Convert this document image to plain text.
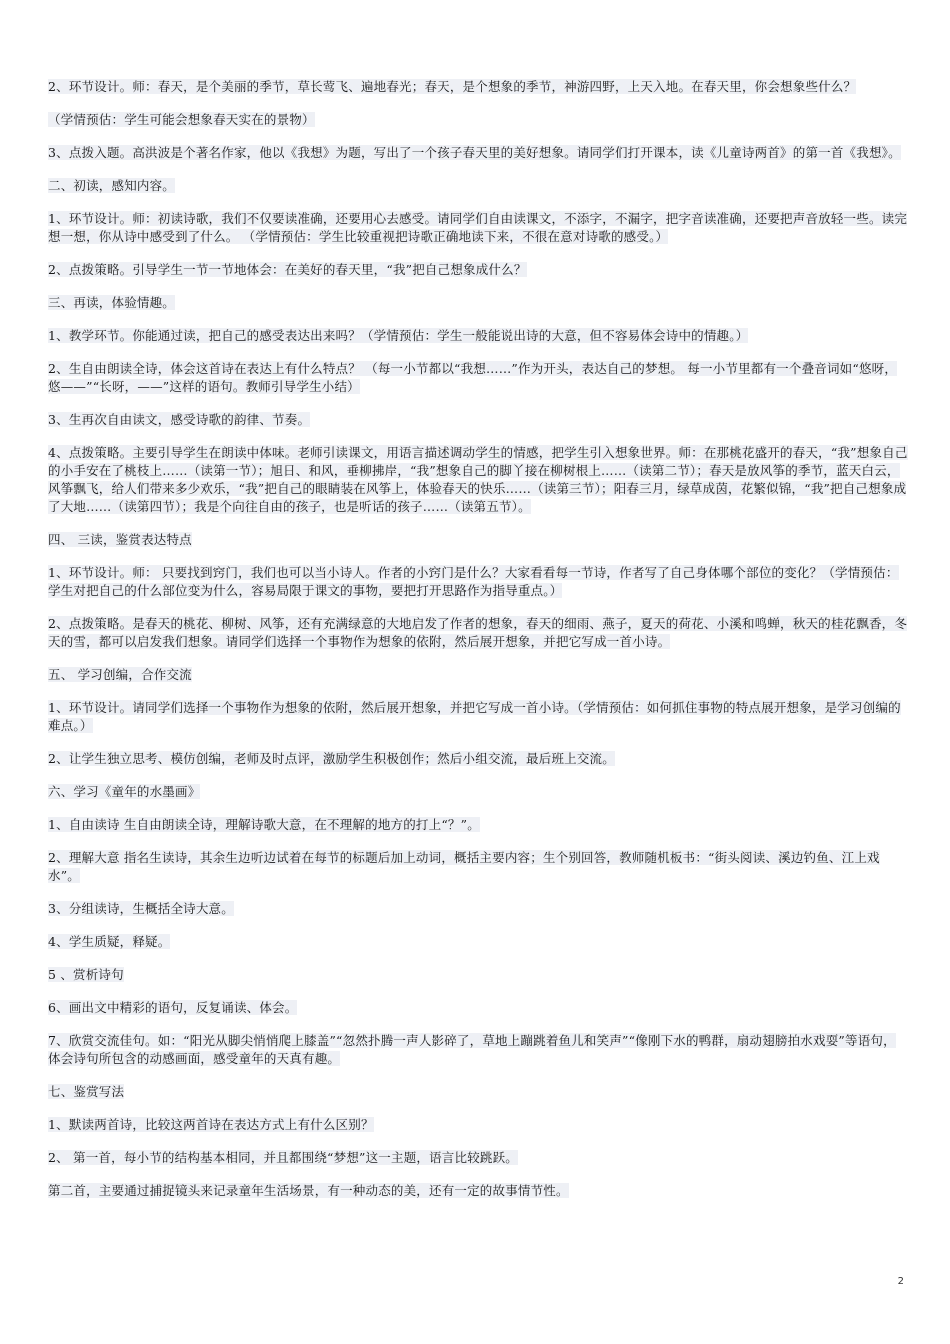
2、环节设计。师：春天，是个美丽的季节，草长莺飞、遍地春光；春天，是个想象的季节，神游四野，上天入地。在春天里，你会想象些什么？

（学情预估：学生可能会想象春天实在的景物）

3、点拨入题。高洪波是个著名作家，他以《我想》为题，写出了一个孩子春天里的美好想象。请同学们打开课本，读《儿童诗两首》的第一首《我想》。

二、初读，感知内容。

1、环节设计。师：初读诗歌，我们不仅要读准确，还要用心去感受。请同学们自由读课文，不添字，不漏字，把字音读准确，还要把声音放轻一些。读完想一想，你从诗中感受到了什么。 （学情预估：学生比较重视把诗歌正确地读下来，不很在意对诗歌的感受。）

2、点拨策略。引导学生一节一节地体会：在美好的春天里，“我”把自己想象成什么？

三、再读，体验情趣。

1、教学环节。你能通过读，把自己的感受表达出来吗？（学情预估：学生一般能说出诗的大意，但不容易体会诗中的情趣。）

2、生自由朗读全诗，体会这首诗在表达上有什么特点？ （每一小节都以“我想……”作为开头，表达自己的梦想。 每一小节里都有一个叠音词如“悠呀，悠——”“长呀，——”这样的语句。教师引导学生小结）

3、生再次自由读文，感受诗歌的韵律、节奏。

4、点拨策略。主要引导学生在朗读中体味。老师引读课文，用语言描述调动学生的情感，把学生引入想象世界。师：在那桃花盛开的春天，“我”想象自己的小手安在了桃枝上……（读第一节）；旭日、和风，垂柳拂岸，“我”想象自己的脚丫接在柳树根上……（读第二节）；春天是放风筝的季节，蓝天白云，风筝飘飞，给人们带来多少欢乐，“我”把自己的眼睛装在风筝上，体验春天的快乐……（读第三节）；阳春三月，绿草成茵，花繁似锦，“我”把自己想象成了大地……（读第四节）；我是个向往自由的孩子，也是听话的孩子……（读第五节）。

四、 三读，鉴赏表达特点

1、环节设计。师： 只要找到窍门，我们也可以当小诗人。作者的小窍门是什么？大家看看每一节诗，作者写了自己身体哪个部位的变化？（学情预估：学生对把自己的什么部位变为什么，容易局限于课文的事物，要把打开思路作为指导重点。）

2、点拨策略。是春天的桃花、柳树、风筝，还有充满绿意的大地启发了作者的想象，春天的细雨、燕子，夏天的荷花、小溪和鸣蝉，秋天的桂花飘香，冬天的雪，都可以启发我们想象。请同学们选择一个事物作为想象的依附，然后展开想象，并把它写成一首小诗。

五、 学习创编，合作交流

1、环节设计。请同学们选择一个事物作为想象的依附，然后展开想象，并把它写成一首小诗。（学情预估：如何抓住事物的特点展开想象，是学习创编的难点。）

2、让学生独立思考、模仿创编，老师及时点评，激励学生积极创作；然后小组交流，最后班上交流。

六、学习《童年的水墨画》

1、自由读诗 生自由朗读全诗，理解诗歌大意，在不理解的地方的打上“？”。

2、理解大意 指名生读诗，其余生边听边试着在每节的标题后加上动词，概括主要内容；生个别回答，教师随机板书：“街头阅读、溪边钓鱼、江上戏水”。

3、分组读诗，生概括全诗大意。

4、学生质疑，释疑。

5 、赏析诗句

6、画出文中精彩的语句，反复诵读、体会。

7、欣赏交流佳句。如：“阳光从脚尖悄悄爬上膝盖”“忽然扑腾一声人影碎了，草地上蹦跳着鱼儿和笑声”“像刚下水的鸭群，扇动翅膀拍水戏耍”等语句，体会诗句所包含的动感画面，感受童年的天真有趣。

七、鉴赏写法

1、默读两首诗，比较这两首诗在表达方式上有什么区别？

2、 第一首，每小节的结构基本相同，并且都围绕“梦想”这一主题，语言比较跳跃。

第二首，主要通过捕捉镜头来记录童年生活场景，有一种动态的美，还有一定的故事情节性。

2
